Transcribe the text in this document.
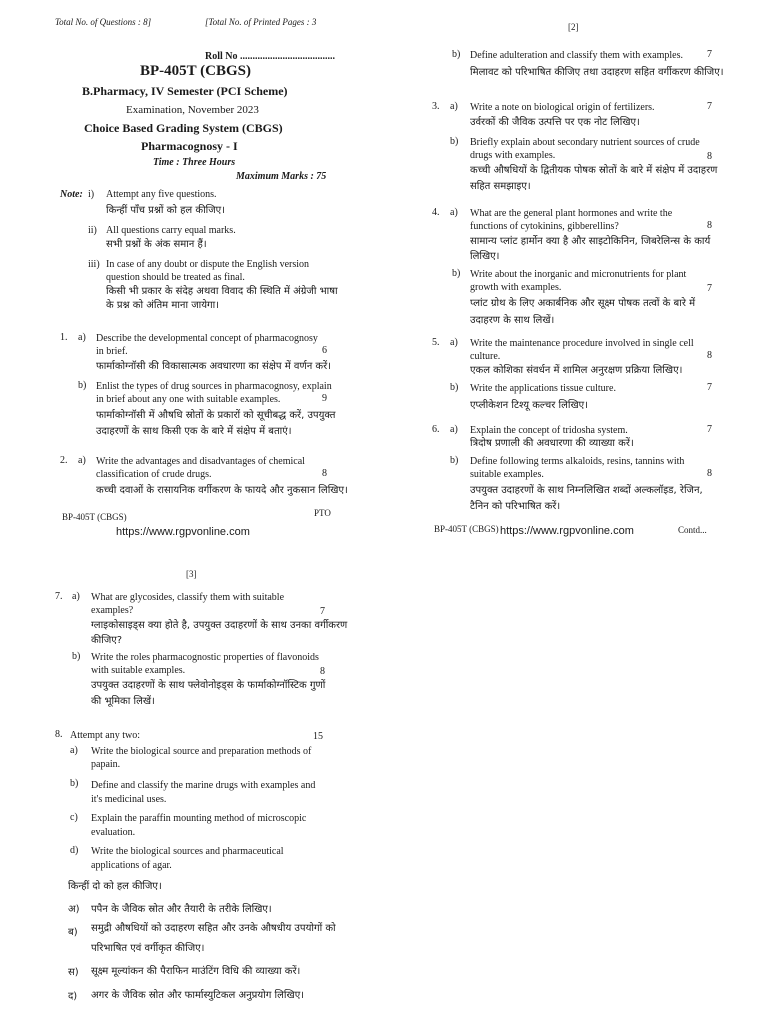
Total No. of Questions : 8]	[Total No. of Printed Pages : 3
Roll No ......................................
BP-405T (CBGS)
B.Pharmacy, IV Semester (PCI Scheme)
Examination, November 2023
Choice Based Grading System (CBGS)
Pharmacognosy - I
Time : Three Hours
Maximum Marks : 75
Note: i) Attempt any five questions.
किन्हीं पाँच प्रश्नों को हल कीजिए।
ii) All questions carry equal marks.
सभी प्रश्नों के अंक समान हैं।
iii) In case of any doubt or dispute the English version
question should be treated as final.
किसी भी प्रकार के संदेह अथवा विवाद की स्थिति में अंग्रेजी भाषा
के प्रश्न को अंतिम माना जायेगा।
1. a) Describe the developmental concept of pharmacognosy
in brief.	6
फार्माकोग्नॉसी की विकासात्मक अवधारणा का संक्षेप में वर्णन करें।
b) Enlist the types of drug sources in pharmacognosy, explain
in brief about any one with suitable examples.	9
फार्माकोग्नॉसी में औषधि स्रोतों के प्रकारों को सूचीबद्ध करें, उपयुक्त
उदाहरणों के साथ किसी एक के बारे में संक्षेप में बताएं।
2. a) Write the advantages and disadvantages of chemical
classification of crude drugs.	8
कच्ची दवाओं के रासायनिक वर्गीकरण के फायदे और नुकसान लिखिए।
BP-405T (CBGS)	PTO
https://www.rgpvonline.com
[2]
b) Define adulteration and classify them with examples. 7
मिलावट को परिभाषित कीजिए तथा उदाहरण सहित वर्गीकरण कीजिए।
3. a) Write a note on biological origin of fertilizers.	7
उर्वरकों की जैविक उत्पत्ति पर एक नोट लिखिए।
b) Briefly explain about secondary nutrient sources of crude
drugs with examples.	8
कच्ची औषधियों के द्वितीयक पोषक स्रोतों के बारे में संक्षेप में उदाहरण
सहित समझाइए।
4. a) What are the general plant hormones and write the
functions of cytokinins, gibberellins?	8
सामान्य प्लांट हार्मोन क्या है और साइटोकिनिन, जिबरेलिन्स के कार्य
लिखिए।
b) Write about the inorganic and micronutrients for plant
growth with examples.	7
प्लांट ग्रोथ के लिए अकार्बनिक और सूक्ष्म पोषक तत्वों के बारे में
उदाहरण के साथ लिखें।
5. a) Write the maintenance procedure involved in single cell
culture.	8
एकल कोशिका संवर्धन में शामिल अनुरक्षण प्रक्रिया लिखिए।
b) Write the applications tissue culture.	7
एप्लीकेशन टिश्यू कल्चर लिखिए।
6. a) Explain the concept of tridosha system.	7
त्रिदोष प्रणाली की अवधारणा की व्याख्या करें।
b) Define following terms alkaloids, resins, tannins with
suitable examples.	8
उपयुक्त उदाहरणों के साथ निम्नलिखित शब्दों अल्कलॉइड, रेजिन,
टैनिन को परिभाषित करें।
BP-405T (CBGS) https://www.rgpvonline.com	Contd...
[3]
7. a) What are glycosides, classify them with suitable
examples?	7
ग्लाइकोसाइड्स क्या होते है, उपयुक्त उदाहरणों के साथ उनका वर्गीकरण
कीजिए?
b) Write the roles pharmacognostic properties of flavonoids
with suitable examples.	8
उपयुक्त उदाहरणों के साथ फ्लेवोनोइड्स के फार्माकोग्नॉस्टिक गुणों
की भूमिका लिखें।
8. Attempt any two:	15
a) Write the biological source and preparation methods of
papain.
b) Define and classify the marine drugs with examples and
it's medicinal uses.
c) Explain the paraffin mounting method of microscopic
evaluation.
d) Write the biological sources and pharmaceutical
applications of agar.
किन्हीं दो को हल कीजिए।
अ) पपैन के जैविक स्रोत और तैयारी के तरीके लिखिए।
ब) समुद्री औषधियों को उदाहरण सहित और उनके औषधीय उपयोगों को
परिभाषित एवं वर्गीकृत कीजिए।
स) सूक्ष्म मूल्यांकन की पैराफिन माउंटिंग विधि की व्याख्या करें।
द) अगर के जैविक स्रोत और फार्मास्युटिकल अनुप्रयोग लिखिए।
